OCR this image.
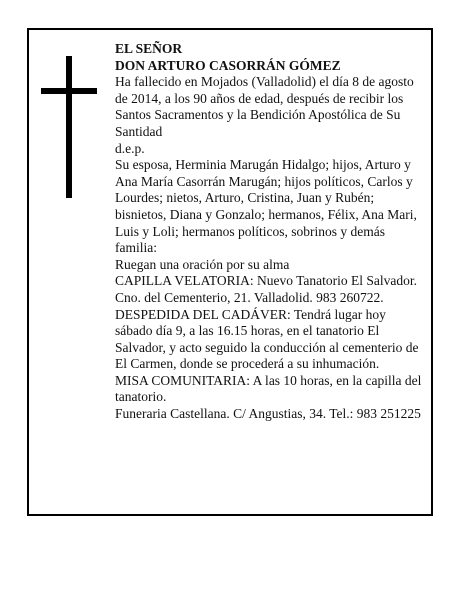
EL SEÑOR

DON ARTURO CASORRÁN GÓMEZ

Ha fallecido en Mojados (Valladolid) el día 8 de agosto de 2014, a los 90 años de edad, después de recibir los Santos Sacramentos y la Bendición Apostólica de Su Santidad

d.e.p.

Su esposa, Herminia Marugán Hidalgo; hijos, Arturo y Ana María Casorrán Marugán; hijos políticos, Carlos y Lourdes; nietos, Arturo, Cristina, Juan y Rubén; bisnietos, Diana y Gonzalo; hermanos, Félix, Ana Mari, Luis y Loli; hermanos políticos, sobrinos y demás familia:

Ruegan una oración por su alma

CAPILLA VELATORIA: Nuevo Tanatorio El Salvador. Cno. del Cementerio, 21. Valladolid. 983 260722.

DESPEDIDA DEL CADÁVER: Tendrá lugar hoy sábado día 9, a las 16.15 horas, en el tanatorio El Salvador, y acto seguido la conducción al cementerio de El Carmen, donde se procederá a su inhumación.

MISA COMUNITARIA: A las 10 horas, en la capilla del tanatorio.

Funeraria Castellana. C/ Angustias, 34. Tel.: 983 251225
